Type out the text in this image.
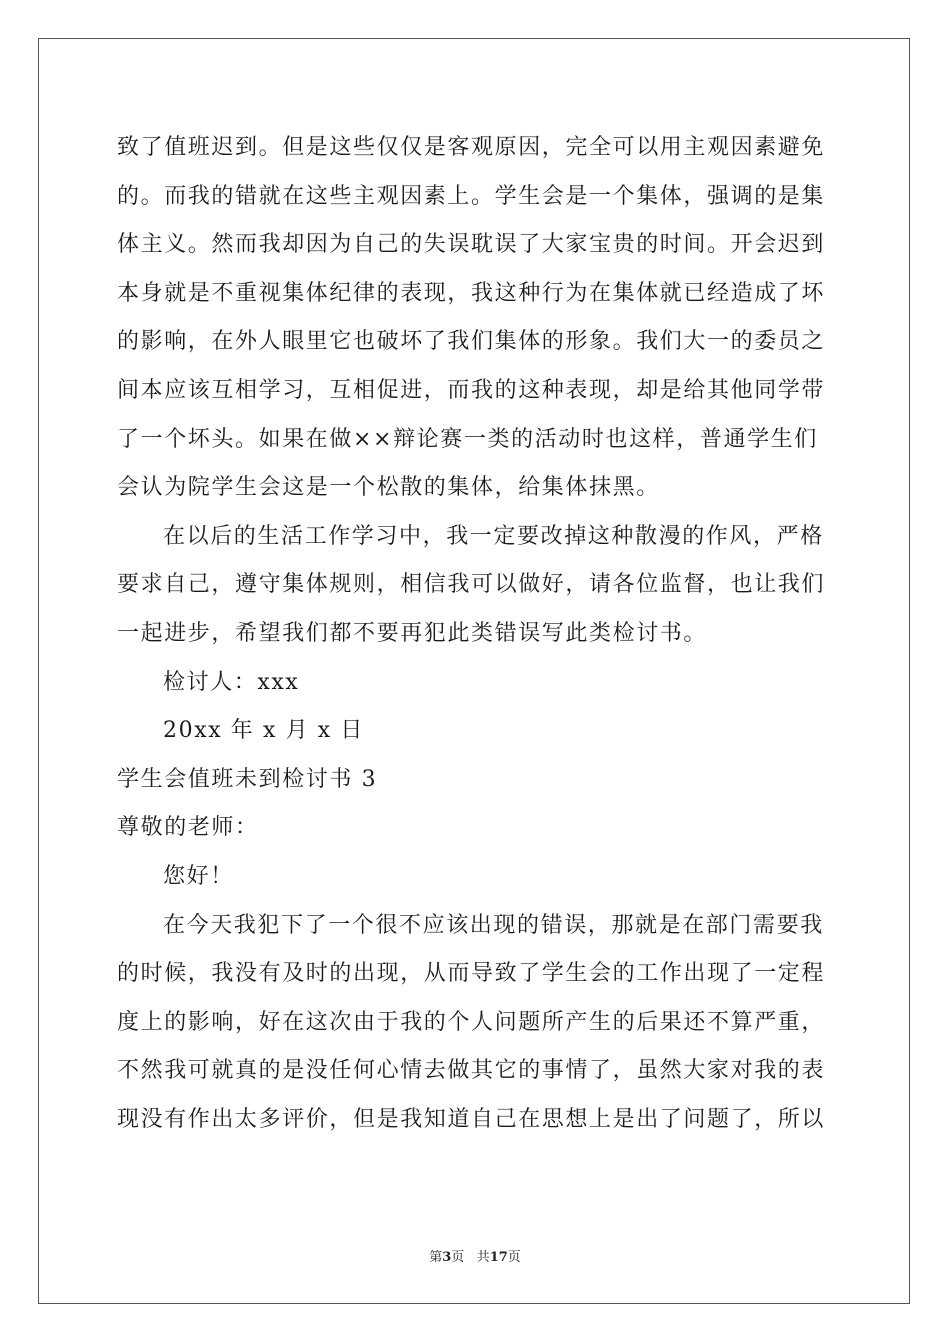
致了值班迟到。但是这些仅仅是客观原因，完全可以用主观因素避免
的。而我的错就在这些主观因素上。学生会是一个集体，强调的是集
体主义。然而我却因为自己的失误耽误了大家宝贵的时间。开会迟到
本身就是不重视集体纪律的表现，我这种行为在集体就已经造成了坏
的影响，在外人眼里它也破坏了我们集体的形象。我们大一的委员之
间本应该互相学习，互相促进，而我的这种表现，却是给其他同学带
了一个坏头。如果在做××辩论赛一类的活动时也这样，普通学生们
会认为院学生会这是一个松散的集体，给集体抹黑。
在以后的生活工作学习中，我一定要改掉这种散漫的作风，严格
要求自己，遵守集体规则，相信我可以做好，请各位监督，也让我们
一起进步，希望我们都不要再犯此类错误写此类检讨书。
检讨人：xxx
20xx 年 x 月 x 日
学生会值班未到检讨书 3
尊敬的老师：
您好！
在今天我犯下了一个很不应该出现的错误，那就是在部门需要我
的时候，我没有及时的出现，从而导致了学生会的工作出现了一定程
度上的影响，好在这次由于我的个人问题所产生的后果还不算严重，
不然我可就真的是没任何心情去做其它的事情了，虽然大家对我的表
现没有作出太多评价，但是我知道自己在思想上是出了问题了，所以
第3页 共17页
